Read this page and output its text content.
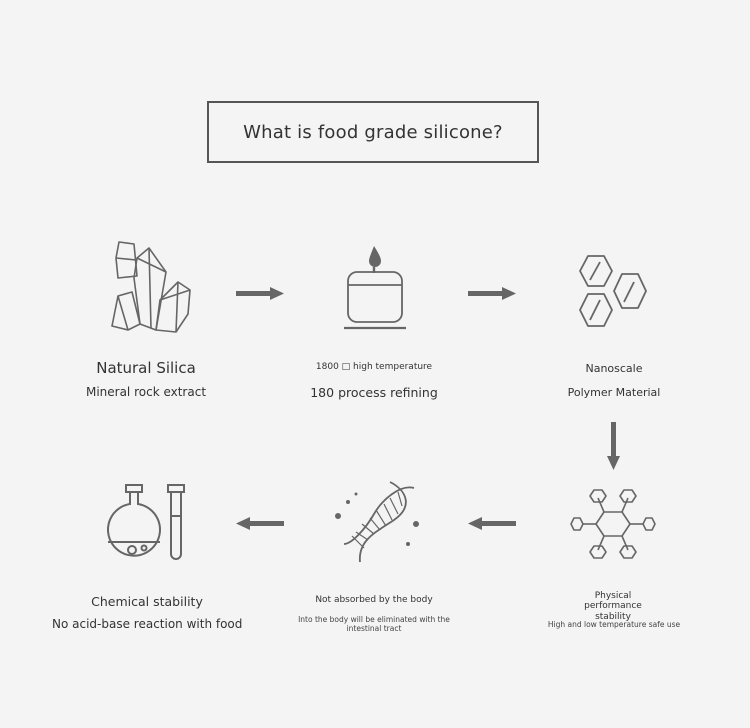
What is food grade silicone?
Natural Silica
Mineral rock extract
1800 □ high temperature
180 process refining
Nanoscale
Polymer Material
Physical performance stability
High and low temperature safe use
Not absorbed by the body
Into the body will be eliminated with the intestinal tract
Chemical stability
No acid-base reaction with food
